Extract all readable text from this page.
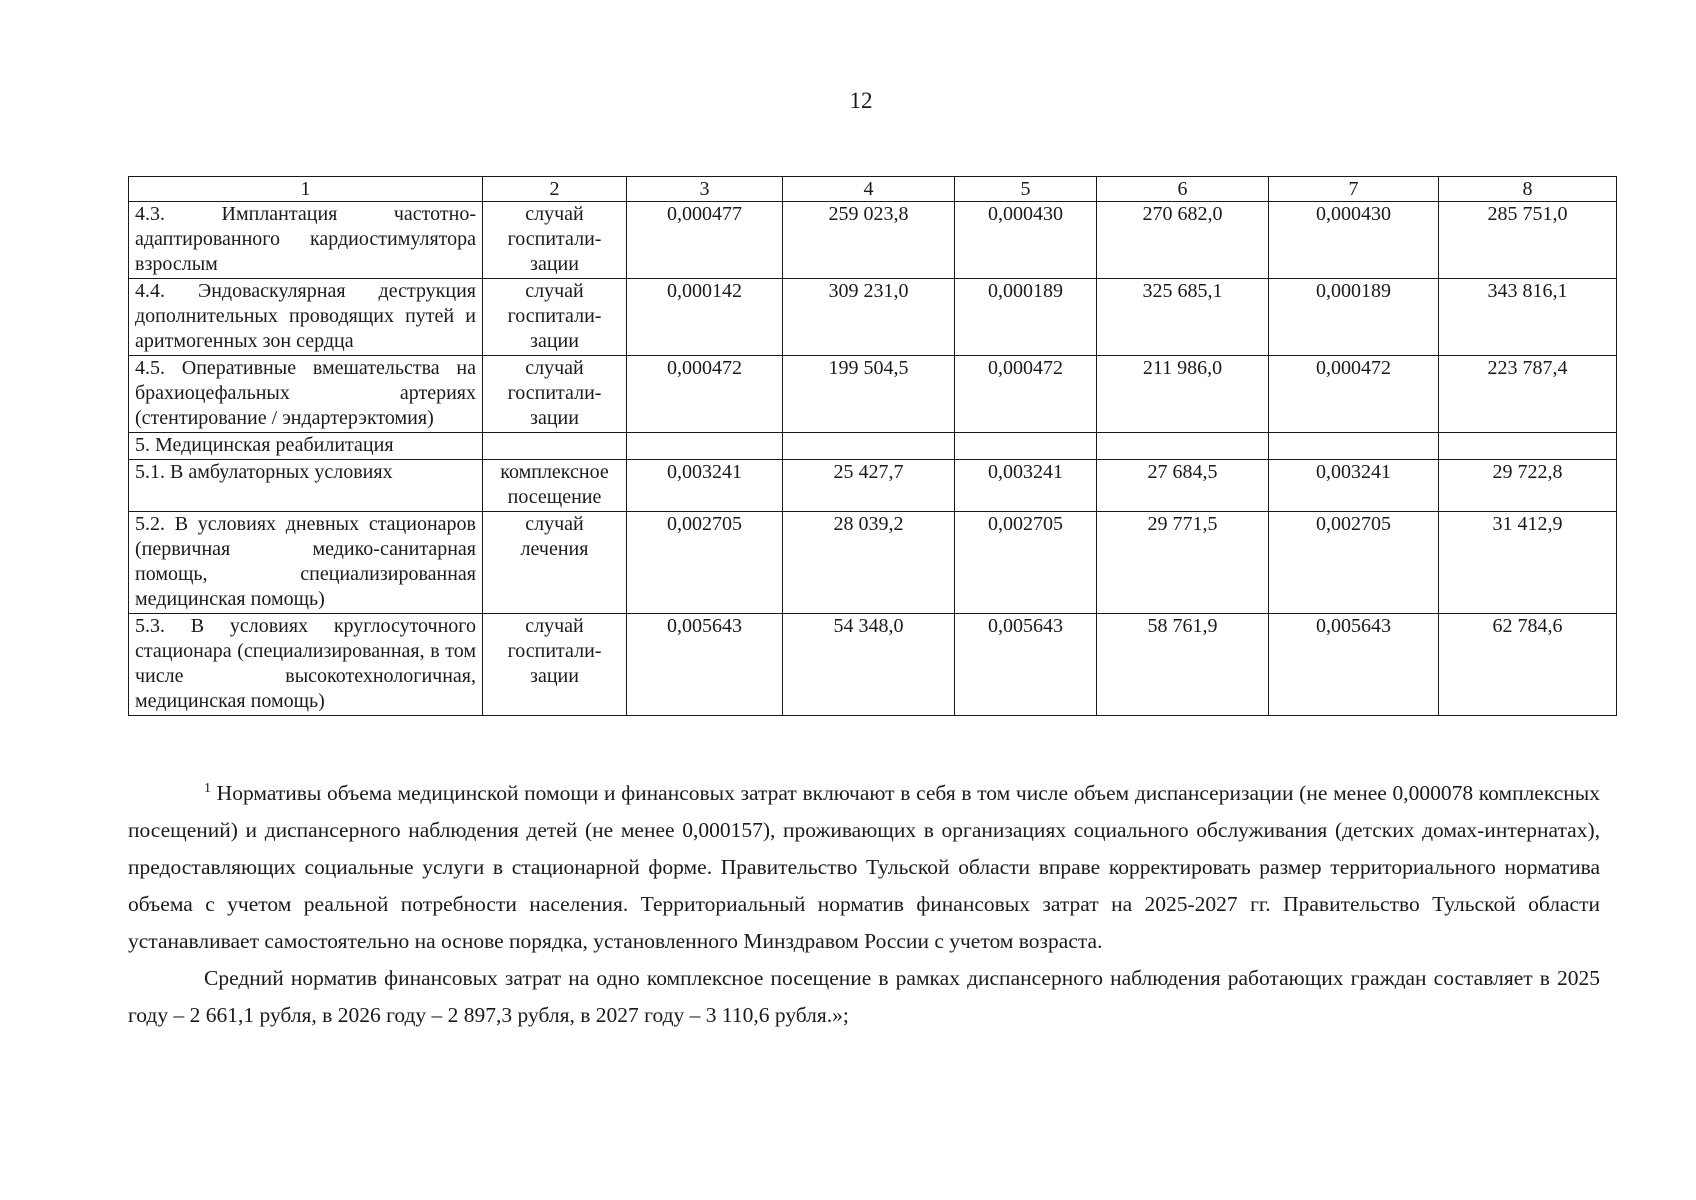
12
1	2	3	4	5	6	7	8
4.3. Имплантация частотно-адаптированного кардиостимулятора взрослым	случай госпитали-зации	0,000477	259 023,8	0,000430	270 682,0	0,000430	285 751,0
4.4. Эндоваскулярная деструкция дополнительных проводящих путей и аритмогенных зон сердца	случай госпитали-зации	0,000142	309 231,0	0,000189	325 685,1	0,000189	343 816,1
4.5. Оперативные вмешательства на брахиоцефальных артериях (стентирование / эндартерэктомия)	случай госпитали-зации	0,000472	199 504,5	0,000472	211 986,0	0,000472	223 787,4
5. Медицинская реабилитация							
5.1. В амбулаторных условиях	комплексное посещение	0,003241	25 427,7	0,003241	27 684,5	0,003241	29 722,8
5.2. В условиях дневных стационаров (первичная медико-санитарная помощь, специализированная медицинская помощь)	случай лечения	0,002705	28 039,2	0,002705	29 771,5	0,002705	31 412,9
5.3. В условиях круглосуточного стационара (специализированная, в том числе высокотехнологичная, медицинская помощь)	случай госпитали-зации	0,005643	54 348,0	0,005643	58 761,9	0,005643	62 784,6

$^1$ Нормативы объема медицинской помощи и финансовых затрат включают в себя в том числе объем диспансеризации (не менее 0,000078 комплексных посещений) и диспансерного наблюдения детей (не менее 0,000157), проживающих в организациях социального обслуживания (детских домах-интернатах), предоставляющих социальные услуги в стационарной форме. Правительство Тульской области вправе корректировать размер территориального норматива объема с учетом реальной потребности населения. Территориальный норматив финансовых затрат на 2025-2027 гг. Правительство Тульской области устанавливает самостоятельно на основе порядка, установленного Минздравом России с учетом возраста.

Средний норматив финансовых затрат на одно комплексное посещение в рамках диспансерного наблюдения работающих граждан составляет в 2025 году – 2 661,1 рубля, в 2026 году – 2 897,3 рубля, в 2027 году – 3 110,6 рубля.»;
